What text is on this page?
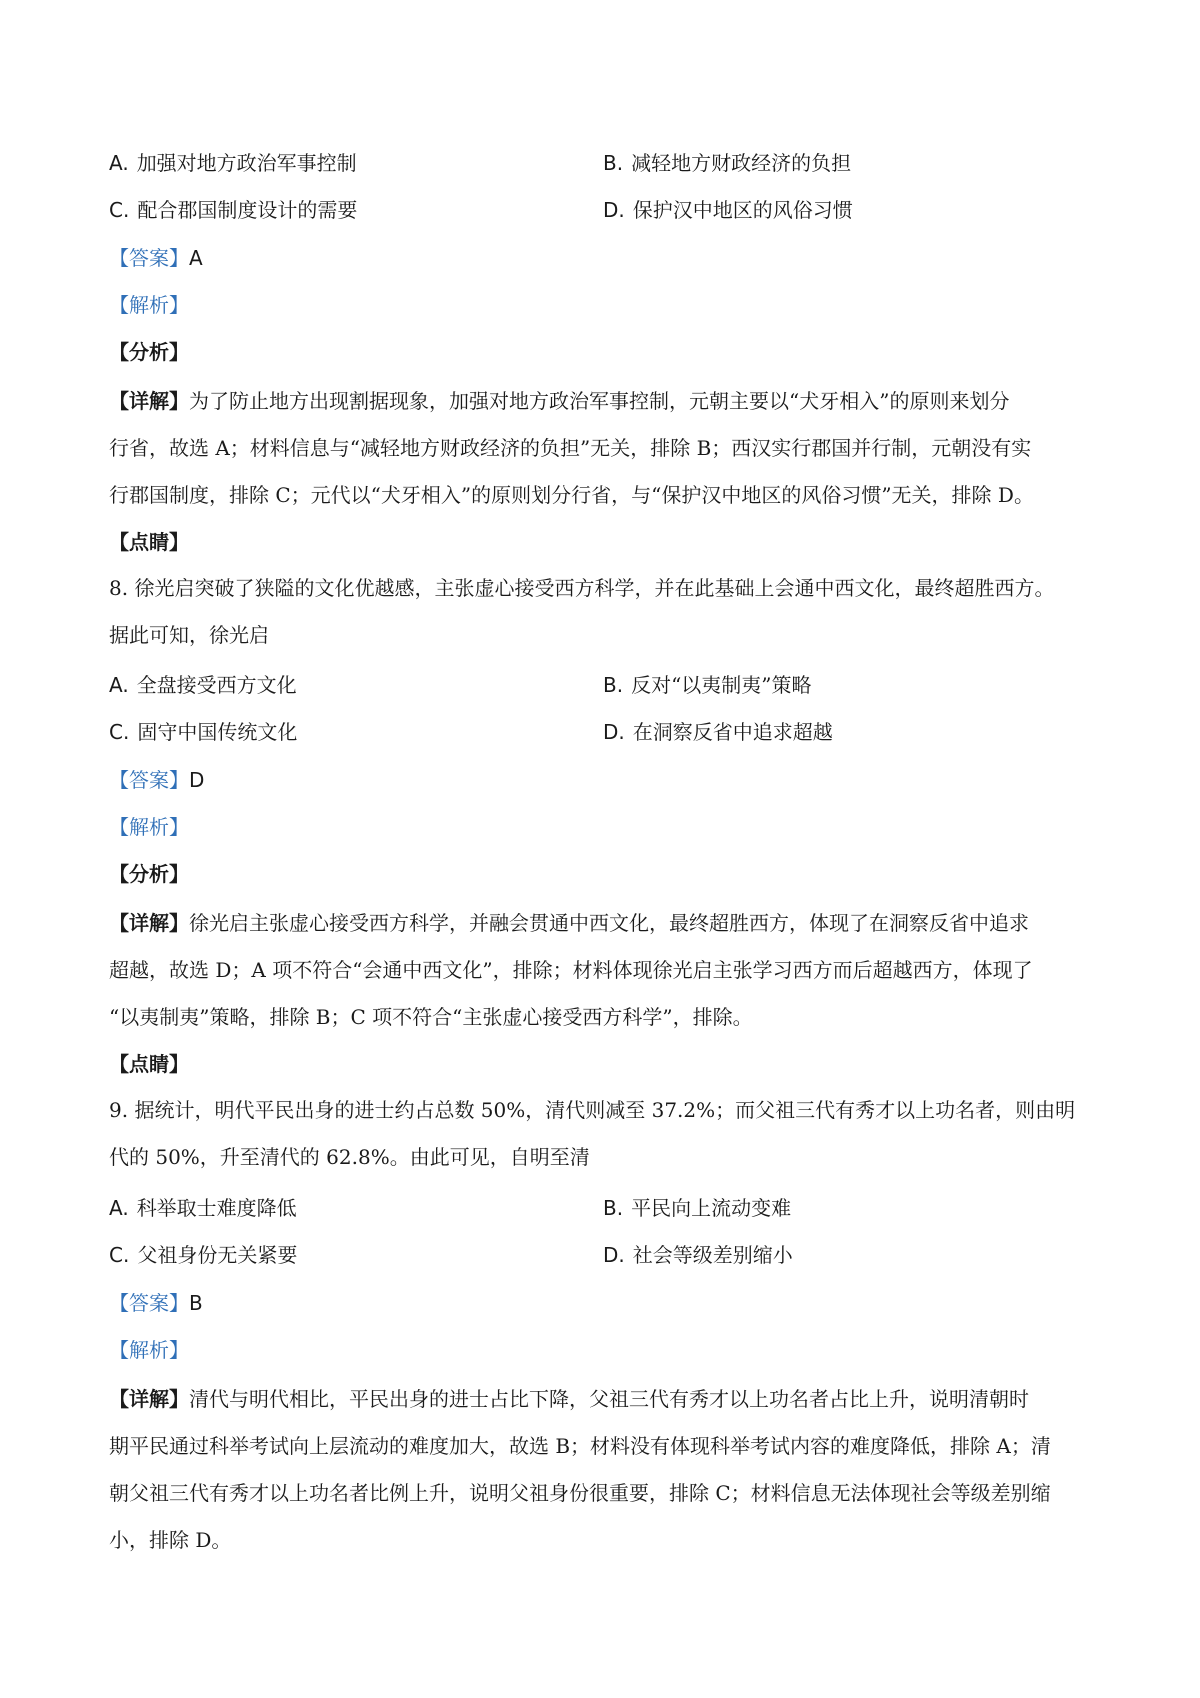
A. 加强对地方政治军事控制	B. 减轻地方财政经济的负担
C. 配合郡国制度设计的需要	D. 保护汉中地区的风俗习惯
【答案】A
【解析】
【分析】
【详解】为了防止地方出现割据现象，加强对地方政治军事控制，元朝主要以“犬牙相入”的原则来划分
行省，故选 A；材料信息与“减轻地方财政经济的负担”无关，排除 B；西汉实行郡国并行制，元朝没有实
行郡国制度，排除 C；元代以“犬牙相入”的原则划分行省，与“保护汉中地区的风俗习惯”无关，排除 D。
【点睛】
8. 徐光启突破了狭隘的文化优越感，主张虚心接受西方科学，并在此基础上会通中西文化，最终超胜西方。
据此可知，徐光启
A. 全盘接受西方文化	B. 反对“以夷制夷”策略
C. 固守中国传统文化	D. 在洞察反省中追求超越
【答案】D
【解析】
【分析】
【详解】徐光启主张虚心接受西方科学，并融会贯通中西文化，最终超胜西方，体现了在洞察反省中追求
超越，故选 D；A 项不符合“会通中西文化”，排除；材料体现徐光启主张学习西方而后超越西方，体现了
“以夷制夷”策略，排除 B；C 项不符合“主张虚心接受西方科学”，排除。
【点睛】
9. 据统计，明代平民出身的进士约占总数 50%，清代则减至 37.2%；而父祖三代有秀才以上功名者，则由明
代的 50%，升至清代的 62.8%。由此可见，自明至清
A. 科举取士难度降低	B. 平民向上流动变难
C. 父祖身份无关紧要	D. 社会等级差别缩小
【答案】B
【解析】
【详解】清代与明代相比，平民出身的进士占比下降，父祖三代有秀才以上功名者占比上升，说明清朝时
期平民通过科举考试向上层流动的难度加大，故选 B；材料没有体现科举考试内容的难度降低，排除 A；清
朝父祖三代有秀才以上功名者比例上升，说明父祖身份很重要，排除 C；材料信息无法体现社会等级差别缩
小，排除 D。
